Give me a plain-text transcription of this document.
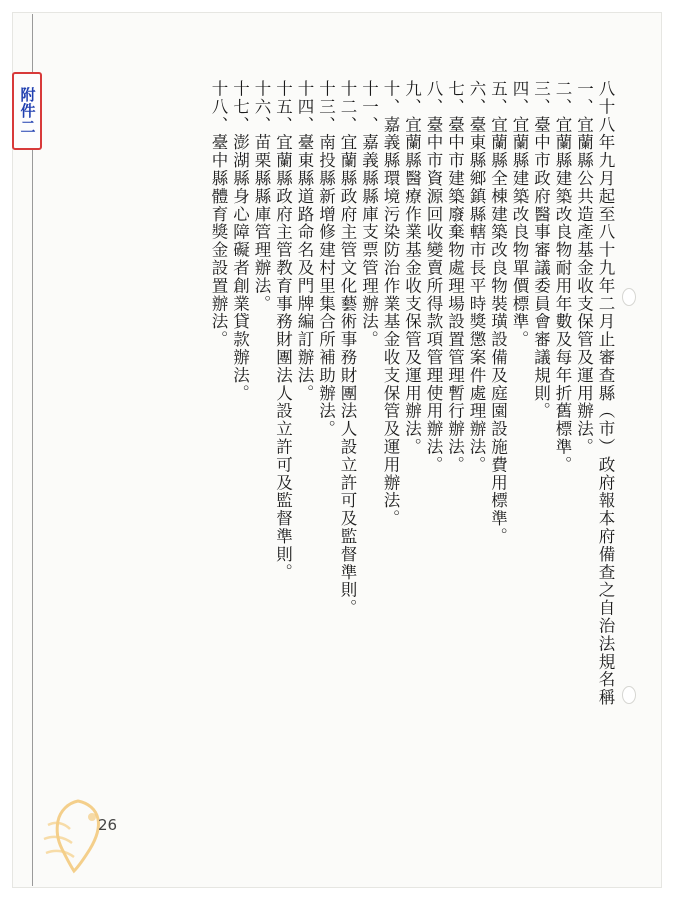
附件二	八十八年九月起至八十九年二月止審查縣（市）政府報本府備查之自治法規名稱
一、宜蘭縣公共造產基金收支保管及運用辦法。
二、宜蘭縣建築改良物耐用年數及每年折舊標準。
三、臺中市政府醫事審議委員會審議規則。
四、宜蘭縣建築改良物單價標準。
五、宜蘭縣全棟建築改良物裝璜設備及庭園設施費用標準。
六、臺東縣鄉鎮縣轄市長平時獎懲案件處理辦法。
七、臺中市建築廢棄物處理場設置管理暫行辦法。
八、臺中市資源回收變賣所得款項管理使用辦法。
九、宜蘭縣醫療作業基金收支保管及運用辦法。
十、嘉義縣環境污染防治作業基金收支保管及運用辦法。
十一、嘉義縣縣庫支票管理辦法。
十二、宜蘭縣政府主管文化藝術事務財團法人設立許可及監督準則。
十三、南投縣新增修建村里集合所補助辦法。
十四、臺東縣道路命名及門牌編訂辦法。
十五、宜蘭縣政府主管教育事務財團法人設立許可及監督準則。
十六、苗栗縣縣庫管理辦法。
十七、澎湖縣身心障礙者創業貸款辦法。
十八、臺中縣體育獎金設置辦法。
26
